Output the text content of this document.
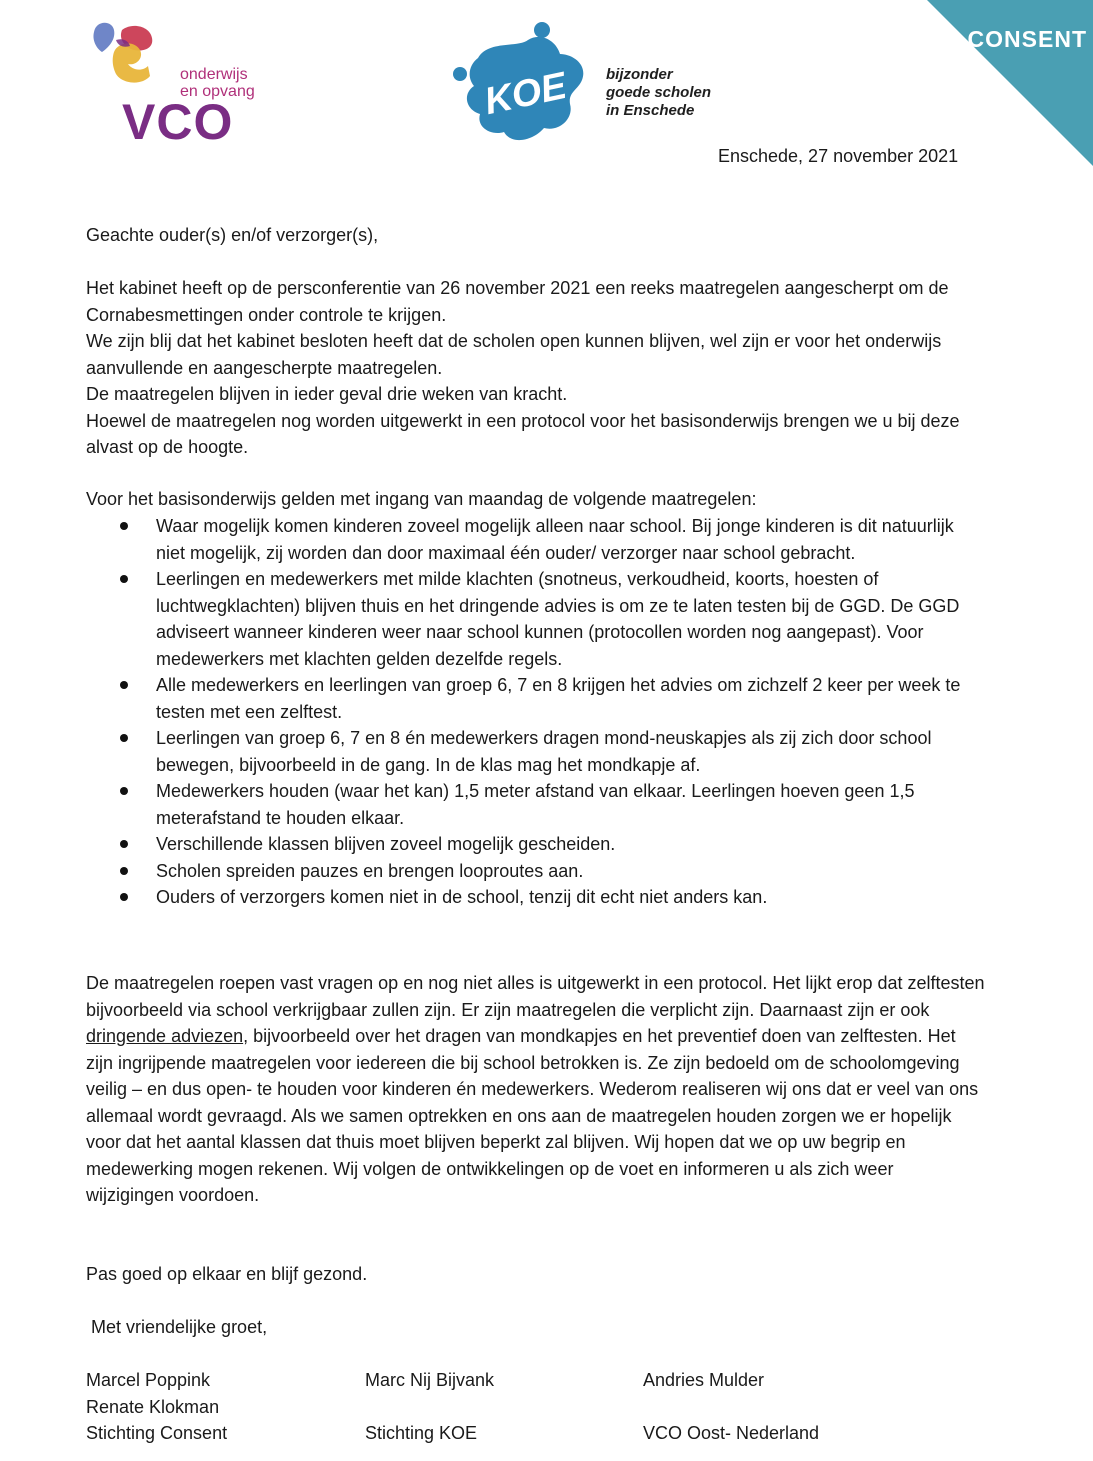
onderwijs
en opvang
VCO	KOE bijzonder
goede scholen
in Enschede
CONSENT
Enschede, 27 november 2021
Geachte ouder(s) en/of verzorger(s),

Het kabinet heeft op de persconferentie van 26 november 2021 een reeks maatregelen aangescherpt om de Cornabesmettingen onder controle te krijgen.

We zijn blij dat het kabinet besloten heeft dat de scholen open kunnen blijven, wel zijn er voor het onderwijs aanvullende en aangescherpte maatregelen.

De maatregelen blijven in ieder geval drie weken van kracht.

Hoewel de maatregelen nog worden uitgewerkt in een protocol voor het basisonderwijs brengen we u bij deze alvast op de hoogte.

Voor het basisonderwijs gelden met ingang van maandag de volgende maatregelen:
Waar mogelijk komen kinderen zoveel mogelijk alleen naar school. Bij jonge kinderen is dit natuurlijk niet mogelijk, zij worden dan door maximaal één ouder/ verzorger naar school gebracht.
Leerlingen en medewerkers met milde klachten (snotneus, verkoudheid, koorts, hoesten of luchtwegklachten) blijven thuis en het dringende advies is om ze te laten testen bij de GGD. De GGD adviseert wanneer kinderen weer naar school kunnen (protocollen worden nog aangepast). Voor medewerkers met klachten gelden dezelfde regels.
Alle medewerkers en leerlingen van groep 6, 7 en 8 krijgen het advies om zichzelf 2 keer per week te testen met een zelftest.
Leerlingen van groep 6, 7 en 8 én medewerkers dragen mond-neuskapjes als zij zich door school bewegen, bijvoorbeeld in de gang. In de klas mag het mondkapje af.
Medewerkers houden (waar het kan) 1,5 meter afstand van elkaar. Leerlingen hoeven geen 1,5 meterafstand te houden elkaar.
Verschillende klassen blijven zoveel mogelijk gescheiden.
Scholen spreiden pauzes en brengen looproutes aan.
Ouders of verzorgers komen niet in de school, tenzij dit echt niet anders kan.
De maatregelen roepen vast vragen op en nog niet alles is uitgewerkt in een protocol. Het lijkt erop dat zelftesten bijvoorbeeld via school verkrijgbaar zullen zijn. Er zijn maatregelen die verplicht zijn. Daarnaast zijn er ook dringende adviezen, bijvoorbeeld over het dragen van mondkapjes en het preventief doen van zelftesten. Het zijn ingrijpende maatregelen voor iedereen die bij school betrokken is. Ze zijn bedoeld om de schoolomgeving veilig – en dus open- te houden voor kinderen én medewerkers. Wederom realiseren wij ons dat er veel van ons allemaal wordt gevraagd. Als we samen optrekken en ons aan de maatregelen houden zorgen we er hopelijk voor dat het aantal klassen dat thuis moet blijven beperkt zal blijven. Wij hopen dat we op uw begrip en medewerking mogen rekenen. Wij volgen de ontwikkelingen op de voet en informeren u als zich weer wijzigingen voordoen.
Pas goed op elkaar en blijf gezond.
Met vriendelijke groet,
Marcel Poppink
Renate Klokman
Stichting Consent
Marc Nij Bijvank

Stichting KOE
Andries Mulder

VCO Oost- Nederland
